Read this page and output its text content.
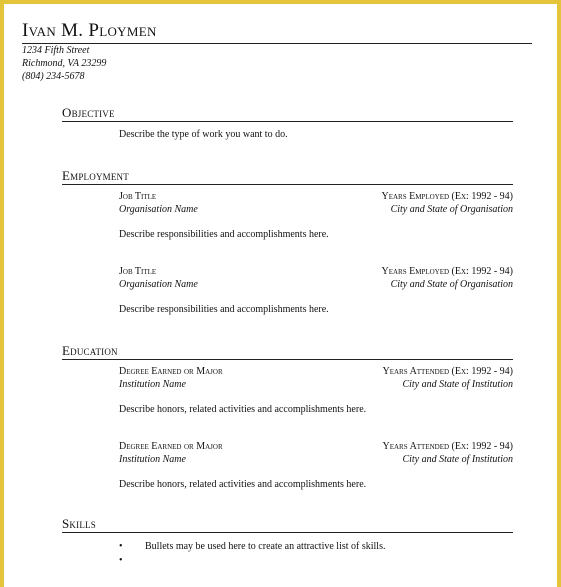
Ivan M. Ploymen
1234 Fifth Street
Richmond, VA 23299
(804) 234-5678
Objective
Describe the type of work you want to do.
Employment
Job Title	Years Employed (Ex: 1992 - 94)
Organisation Name	City and State of Organisation
Describe responsibilities and accomplishments here.
Job Title	Years Employed (Ex: 1992 - 94)
Organisation Name	City and State of Organisation
Describe responsibilities and accomplishments here.
Education
Degree Earned or Major	Years Attended (Ex: 1992 - 94)
Institution Name	City and State of Institution
Describe honors, related activities and accomplishments here.
Degree Earned or Major	Years Attended (Ex: 1992 - 94)
Institution Name	City and State of Institution
Describe honors, related activities and accomplishments here.
Skills
• Bullets may be used here to create an attractive list of skills.
•
